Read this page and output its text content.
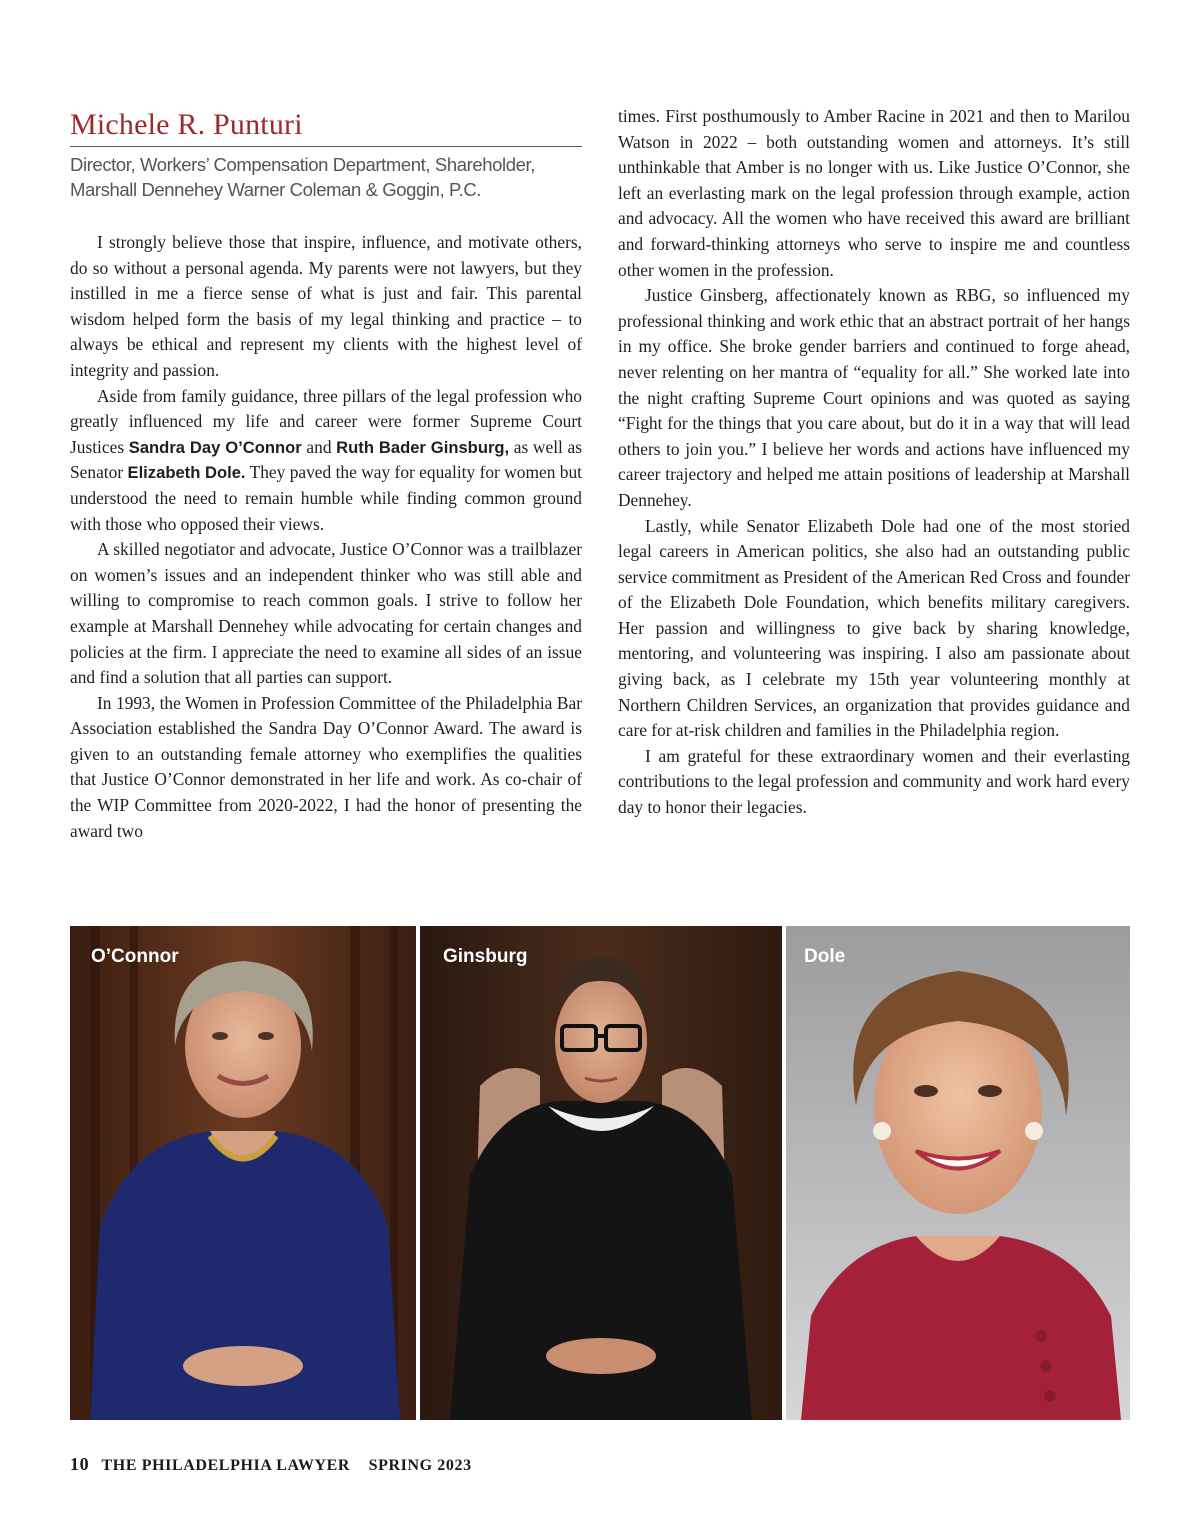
Michele R. Punturi
Director, Workers’ Compensation Department, Shareholder,
Marshall Dennehey Warner Coleman & Goggin, P.C.

I strongly believe those that inspire, influence, and motivate others, do so without a personal agenda. My parents were not lawyers, but they instilled in me a fierce sense of what is just and fair. This parental wisdom helped form the basis of my legal thinking and practice – to always be ethical and represent my clients with the highest level of integrity and passion.

Aside from family guidance, three pillars of the legal profession who greatly influenced my life and career were former Supreme Court Justices Sandra Day O’Connor and Ruth Bader Ginsburg, as well as Senator Elizabeth Dole. They paved the way for equality for women but understood the need to remain humble while finding common ground with those who opposed their views.

A skilled negotiator and advocate, Justice O’Connor was a trailblazer on women’s issues and an independent thinker who was still able and willing to compromise to reach common goals. I strive to follow her example at Marshall Dennehey while advocating for certain changes and policies at the firm. I appreciate the need to examine all sides of an issue and find a solution that all parties can support.

In 1993, the Women in Profession Committee of the Philadelphia Bar Association established the Sandra Day O’Connor Award. The award is given to an outstanding female attorney who exemplifies the qualities that Justice O’Connor demonstrated in her life and work. As co-chair of the WIP Committee from 2020-2022, I had the honor of presenting the award two

times. First posthumously to Amber Racine in 2021 and then to Marilou Watson in 2022 – both outstanding women and attorneys. It’s still unthinkable that Amber is no longer with us. Like Justice O’Connor, she left an everlasting mark on the legal profession through example, action and advocacy. All the women who have received this award are brilliant and forward-thinking attorneys who serve to inspire me and countless other women in the profession.

Justice Ginsberg, affectionately known as RBG, so influenced my professional thinking and work ethic that an abstract portrait of her hangs in my office. She broke gender barriers and continued to forge ahead, never relenting on her mantra of “equality for all.” She worked late into the night crafting Supreme Court opinions and was quoted as saying “Fight for the things that you care about, but do it in a way that will lead others to join you.” I believe her words and actions have influenced my career trajectory and helped me attain positions of leadership at Marshall Dennehey.

Lastly, while Senator Elizabeth Dole had one of the most storied legal careers in American politics, she also had an outstanding public service commitment as President of the American Red Cross and founder of the Elizabeth Dole Foundation, which benefits military caregivers. Her passion and willingness to give back by sharing knowledge, mentoring, and volunteering was inspiring. I also am passionate about giving back, as I celebrate my 15th year volunteering monthly at Northern Children Services, an organization that provides guidance and care for at-risk children and families in the Philadelphia region.

I am grateful for these extraordinary women and their everlasting contributions to the legal profession and community and work hard every day to honor their legacies.

O’Connor	Ginsburg	Dole
10 THE PHILADELPHIA LAWYER SPRING 2023
